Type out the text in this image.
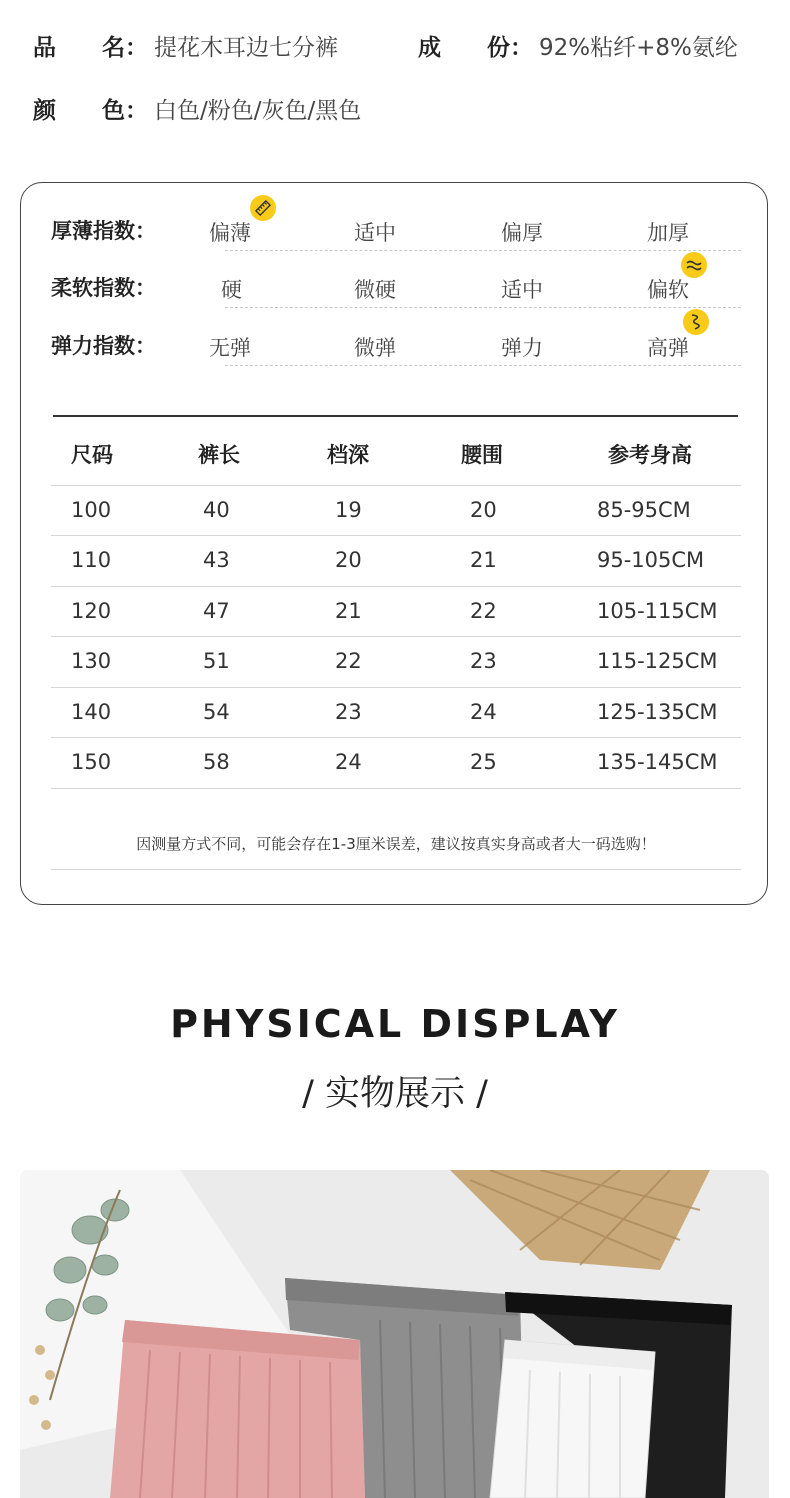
品　　名： 提花木耳边七分裤	成　　份： 92%粘纤+8%氨纶
颜　　色： 白色/粉色/灰色/黑色
厚薄指数：	偏薄	适中	偏厚	加厚
柔软指数：	硬	微硬	适中	偏软
弹力指数：	无弹	微弹	弹力	高弹
尺码	裤长	档深	腰围	参考身高
100	40	19	20	85-95CM
110	43	20	21	95-105CM
120	47	21	22	105-115CM
130	51	22	23	115-125CM
140	54	23	24	125-135CM
150	58	24	25	135-145CM
因测量方式不同，可能会存在1-3厘米误差，建议按真实身高或者大一码选购！
PHYSICAL DISPLAY
/ 实物展示 /
